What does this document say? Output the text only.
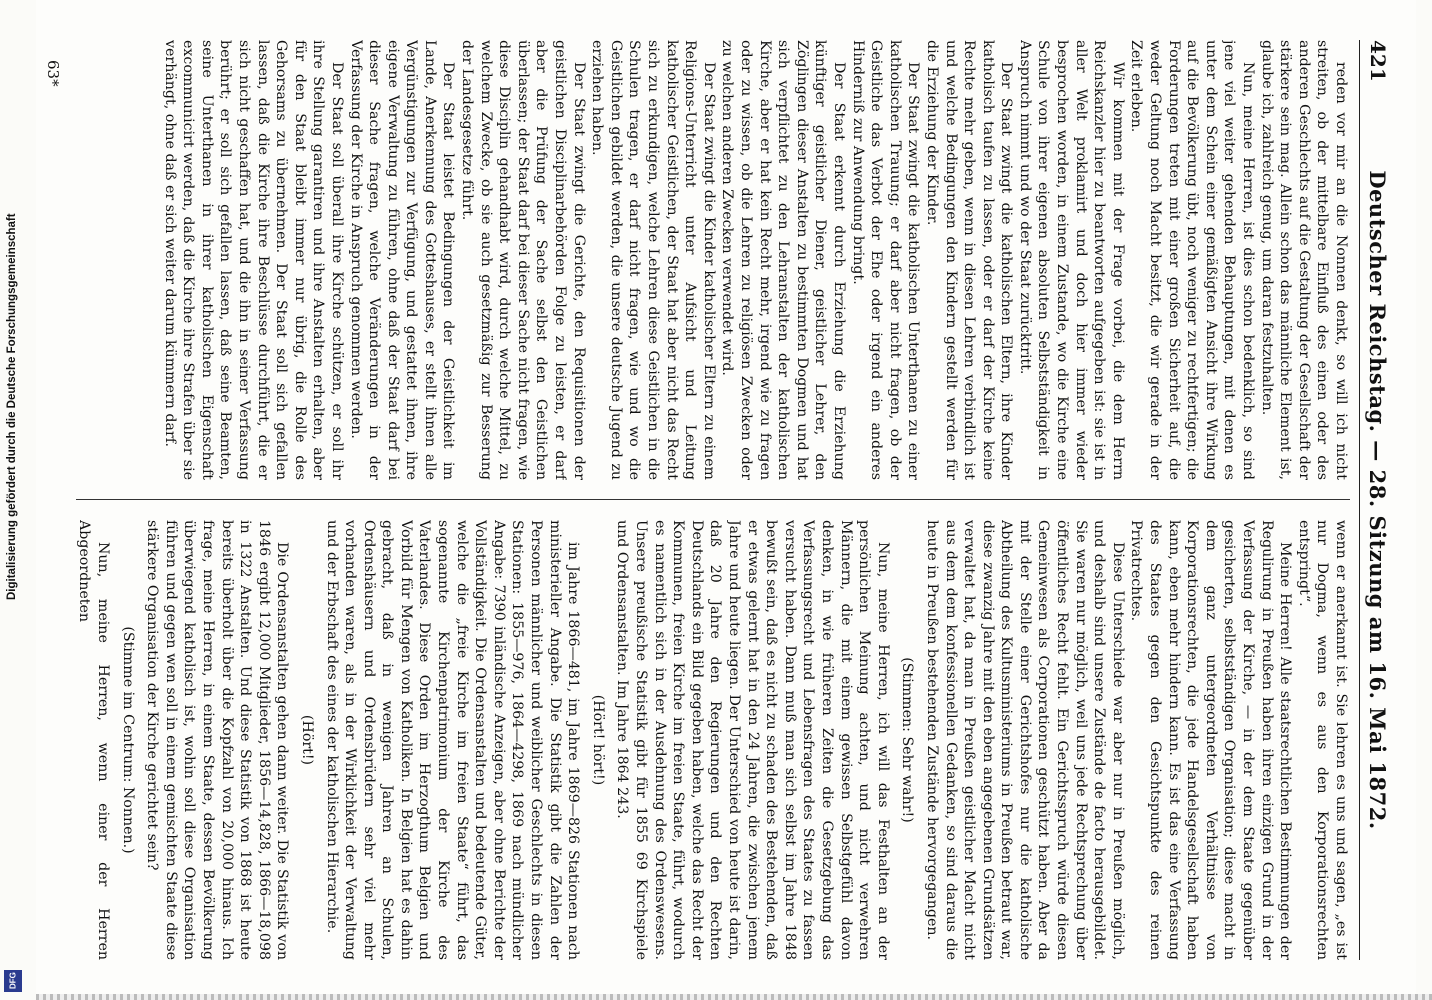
Digitalisierung gefördert durch die Deutsche Forschungsgemeinschaft
DFG
421
Deutscher Reichstag. — 28. Sitzung am 16. Mai 1872.

reden vor mir an die Nonnen denkt, so will ich nicht streiten, ob der mittelbare Einfluß des einen oder des anderen Geschlechts auf die Gestaltung der Gesellschaft der stärkere sein mag. Allein schon das männliche Element ist, glaube ich, zahlreich genug, um daran festzuhalten.

Nun, meine Herren, ist dies schon bedenklich, so sind jene viel weiter gehenden Behauptungen, mit denen es unter dem Schein einer gemäßigten Ansicht ihre Wirkung auf die Bevölkerung übt, noch weniger zu rechtfertigen; die Forderungen treten mit einer großen Sicherheit auf, die weder Geltung noch Macht besitzt, die wir gerade in der Zeit erleben.

Wir kommen mit der Frage vorbei, die dem Herrn Reichskanzler hier zu beantworten aufgegeben ist: sie ist in aller Welt proklamirt und doch hier immer wieder besprochen worden, in einem Zustande, wo die Kirche eine Schule von ihrer eigenen absoluten Selbstständigkeit in Anspruch nimmt und wo der Staat zurücktritt.

Der Staat zwingt die katholischen Eltern, ihre Kinder katholisch taufen zu lassen, oder er darf der Kirche keine Rechte mehr geben, wenn in diesen Lehren verbindlich ist und welche Bedingungen den Kindern gestellt werden für die Erziehung der Kinder.

Der Staat zwingt die katholischen Unterthanen zu einer katholischen Trauung; er darf aber nicht fragen, ob der Geistliche das Verbot der Ehe oder irgend ein anderes Hinderniß zur Anwendung bringt.

Der Staat erkennt durch Erziehung die Erziehung künftiger geistlicher Diener, geistlicher Lehrer, den Zöglingen dieser Anstalten zu bestimmten Dogmen und hat sich verpflichtet zu den Lehranstalten der katholischen Kirche, aber er hat kein Recht mehr, irgend wie zu fragen oder zu wissen, ob die Lehren zu religiösen Zwecken oder zu welchen anderen Zwecken verwendet wird.

Der Staat zwingt die Kinder katholischer Eltern zu einem Religions-Unterricht unter Aufsicht und Leitung katholischer Geistlichen, der Staat hat aber nicht das Recht sich zu erkundigen, welche Lehren diese Geistlichen in die Schulen tragen, er darf nicht fragen, wie und wo die Geistlichen gebildet werden, die unsere deutsche Jugend zu erziehen haben.

Der Staat zwingt die Gerichte, den Requisitionen der geistlichen Disciplinarbehörden Folge zu leisten, er darf aber die Prüfung der Sache selbst den Geistlichen überlassen; der Staat darf bei dieser Sache nicht fragen, wie diese Disciplin gehandhabt wird, durch welche Mittel, zu welchem Zwecke, ob sie auch gesetzmäßig zur Besserung der Landesgesetze führt.

Der Staat leistet Bedingungen der Geistlichkeit im Lande, Anerkennung des Gotteshauses, er stellt ihnen alle Vergünstigungen zur Verfügung, und gestattet ihnen, ihre eigene Verwaltung zu führen, ohne daß der Staat darf bei dieser Sache fragen, welche Veränderungen in der Verfassung der Kirche in Anspruch genommen werden.

Der Staat soll überall ihre Kirche schützen, er soll ihr ihre Stellung garantiren und ihre Anstalten erhalten, aber für den Staat bleibt immer nur übrig, die Rolle des Gehorsams zu übernehmen. Der Staat soll sich gefallen lassen, daß die Kirche ihre Beschlüsse durchführt, die er sich nicht geschaffen hat, und die ihn in seiner Verfassung berührt; er soll sich gefallen lassen, daß seine Beamten, seine Unterthanen in ihrer katholischen Eigenschaft excommunicirt werden, daß die Kirche ihre Strafen über sie verhängt, ohne daß er sich weiter darum kümmern darf.

wenn er anerkannt ist. Sie lehren es uns und sagen, „es ist nur Dogma, wenn es aus den Korporationsrechten entspringt“.

Meine Herren! Alle staatsrechtlichen Bestimmungen der Regulirung in Preußen haben ihren einzigen Grund in der Verfassung der Kirche, — in der dem Staate gegenüber gesicherten, selbstständigen Organisation; diese macht in dem ganz untergeordneten Verhältnisse von Korporationsrechten, die jede Handelsgesellschaft haben kann, eben mehr hindern kann. Es ist das eine Verfassung des Staates gegen den Gesichtspunkte des reinen Privatrechtes.

Diese Unterschiede war aber nur in Preußen möglich, und deshalb sind unsere Zustände de facto herausgebildet. Sie waren nur möglich, weil uns jede Rechtsprechung über öffentliches Recht fehlt. Ein Gerichtsspruch würde diesen Gemeinwesen als Corporationen geschützt haben. Aber da mit der Stelle einer Gerichtshofes nur die katholische Abtheilung des Kultusministeriums in Preußen betraut war, diese zwanzig Jahre mit den eben angegebenen Grundsätzen verwaltet hat, da man in Preußen geistlicher Macht nicht aus dem dem konfessionellen Gedanken, so sind daraus die heute in Preußen bestehenden Zustände hervorgegangen.

(Stimmen: Sehr wahr!)

Nun, meine Herren, ich will das Festhalten an der persönlichen Meinung achten, und nicht verwehren Männern, die mit einem gewissen Selbstgefühl davon denken, in wie früheren Zeiten die Gesetzgebung das Verfassungsrecht und Lebensfragen des Staates zu fassen versucht haben. Dann muß man sich selbst im Jahre 1848 bewußt sein, daß es nicht zu schaden des Bestehenden, daß er etwas gelernt hat in den 24 Jahren, die zwischen jenem Jahre und heute liegen. Der Unterschied von heute ist darin, daß 20 Jahre den Regierungen und den Rechten Deutschlands ein Bild gegeben haben, welche das Recht der Kommunen, freien Kirche im freien Staate, führt, wodurch es namentlich sich in der Ausdehnung des Ordenswesens. Unsere preußische Statistik gibt für 1855 69 Kirchspiele und Ordensanstalten. Im Jahre 1864 243.

(Hört! hört!)

im Jahre 1866—481, im Jahre 1869—826 Stationen nach ministerieller Angabe. Die Statistik gibt die Zahlen der Personen männlicher und weiblicher Geschlechts in diesen Stationen: 1855—976, 1864—4298, 1869 nach mündlicher Angabe: 7390 inländische Anzeigen, aber ohne Berichte der Vollständigkeit. Die Ordensanstalten und bedeutende Güter, welche die „freie Kirche im freien Staate“ führt, das sogenannte Kirchenpatrimonium der Kirche des Vaterlandes. Diese Orden im Herzogthum Belgien und Vorbild für Mengen von Katholiken. In Belgien hat es dahin gebracht, daß in wenigen Jahren an Schulen, Ordenshäusern und Ordensbrüdern sehr viel mehr vorhanden waren, als in der Wirklichkeit der Verwaltung und der Erbschaft des eines der katholischen Hierarchie.

(Hört!)

Die Ordensanstalten gehen dann weiter. Die Statistik von 1846 ergibt 12,000 Mitglieder, 1856—14,828, 1866—18,098 in 1322 Anstalten. Und diese Statistik von 1868 ist heute bereits überholt über die Kopfzahl von 20,000 hinaus. Ich frage, meine Herren, in einem Staate, dessen Bevölkerung überwiegend katholisch ist, wohin soll diese Organisation führen und gegen wen soll in einem gemischten Staate diese stärkere Organisation der Kirche gerichtet sein?

(Stimme im Centrum: Nonnen.)

Nun, meine Herren, wenn einer der Herren Abgeordneten

63*
